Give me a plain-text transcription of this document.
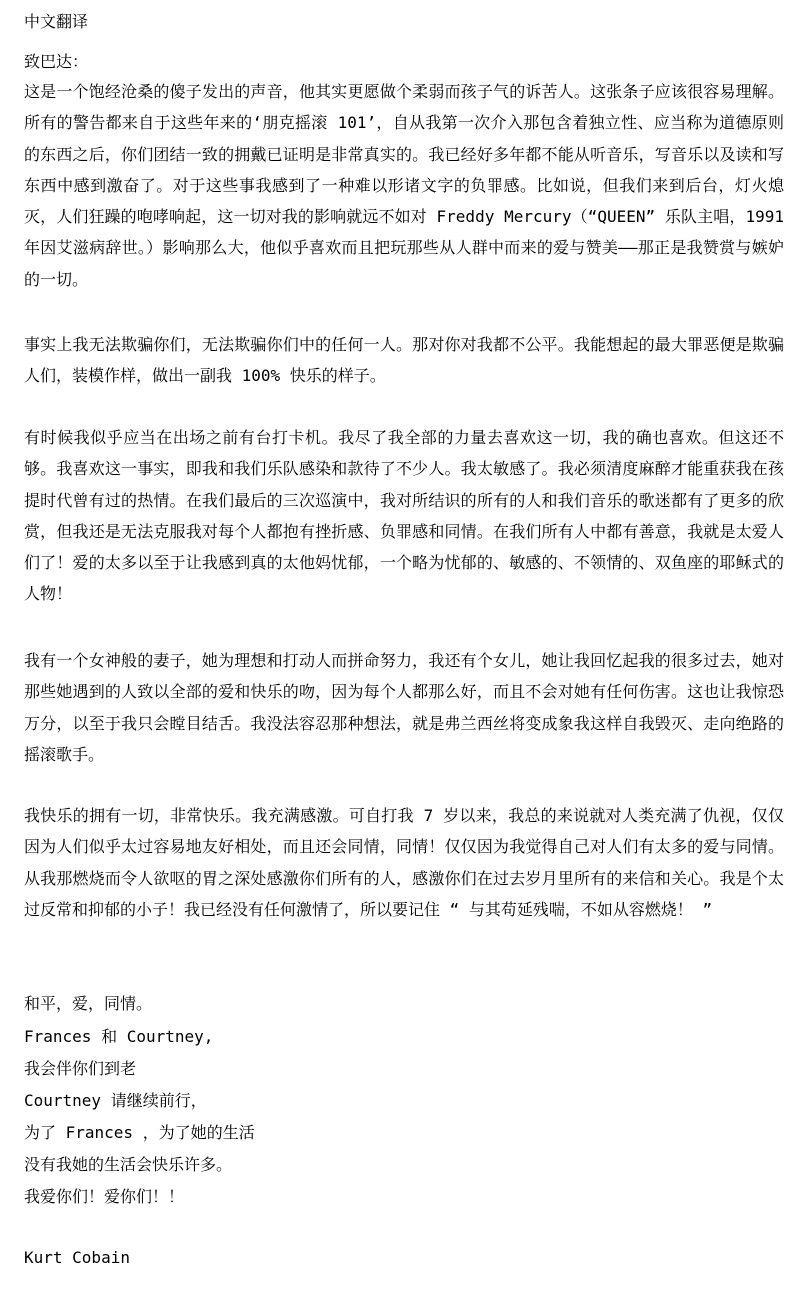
中文翻译
致巴达：

这是一个饱经沧桑的傻子发出的声音，他其实更愿做个柔弱而孩子气的诉苦人。这张条子应该很容易理解。所有的警告都来自于这些年来的‘朋克摇滚 101’，自从我第一次介入那包含着独立性、应当称为道德原则的东西之后，你们团结一致的拥戴已证明是非常真实的。我已经好多年都不能从听音乐，写音乐以及读和写东西中感到激奋了。对于这些事我感到了一种难以形诸文字的负罪感。比如说，但我们来到后台，灯火熄灭，人们狂躁的咆哮响起，这一切对我的影响就远不如对 Freddy Mercury（“QUEEN” 乐队主唱，1991 年因艾滋病辞世。）影响那么大，他似乎喜欢而且把玩那些从人群中而来的爱与赞美——那正是我赞赏与嫉妒的一切。

事实上我无法欺骗你们，无法欺骗你们中的任何一人。那对你对我都不公平。我能想起的最大罪恶便是欺骗人们，装模作样，做出一副我 100% 快乐的样子。

有时候我似乎应当在出场之前有台打卡机。我尽了我全部的力量去喜欢这一切，我的确也喜欢。但这还不够。我喜欢这一事实，即我和我们乐队感染和款待了不少人。我太敏感了。我必须清度麻醉才能重获我在孩提时代曾有过的热情。在我们最后的三次巡演中，我对所结识的所有的人和我们音乐的歌迷都有了更多的欣赏，但我还是无法克服我对每个人都抱有挫折感、负罪感和同情。在我们所有人中都有善意，我就是太爱人们了！爱的太多以至于让我感到真的太他妈忧郁，一个略为忧郁的、敏感的、不领情的、双鱼座的耶稣式的人物！

我有一个女神般的妻子，她为理想和打动人而拼命努力，我还有个女儿，她让我回忆起我的很多过去，她对那些她遇到的人致以全部的爱和快乐的吻，因为每个人都那么好，而且不会对她有任何伤害。这也让我惊恐万分，以至于我只会瞠目结舌。我没法容忍那种想法，就是弗兰西丝将变成象我这样自我毁灭、走向绝路的摇滚歌手。

我快乐的拥有一切，非常快乐。我充满感激。可自打我 7 岁以来，我总的来说就对人类充满了仇视，仅仅因为人们似乎太过容易地友好相处，而且还会同情，同情！仅仅因为我觉得自己对人们有太多的爱与同情。从我那燃烧而令人欲呕的胃之深处感激你们所有的人，感激你们在过去岁月里所有的来信和关心。我是个太过反常和抑郁的小子！我已经没有任何激情了，所以要记住 “ 与其苟延残喘，不如从容燃烧！ ”

和平，爱，同情。
Frances 和 Courtney,
我会伴你们到老
Courtney 请继续前行，
为了 Frances ，为了她的生活
没有我她的生活会快乐许多。
我爱你们！爱你们！！
Kurt Cobain
